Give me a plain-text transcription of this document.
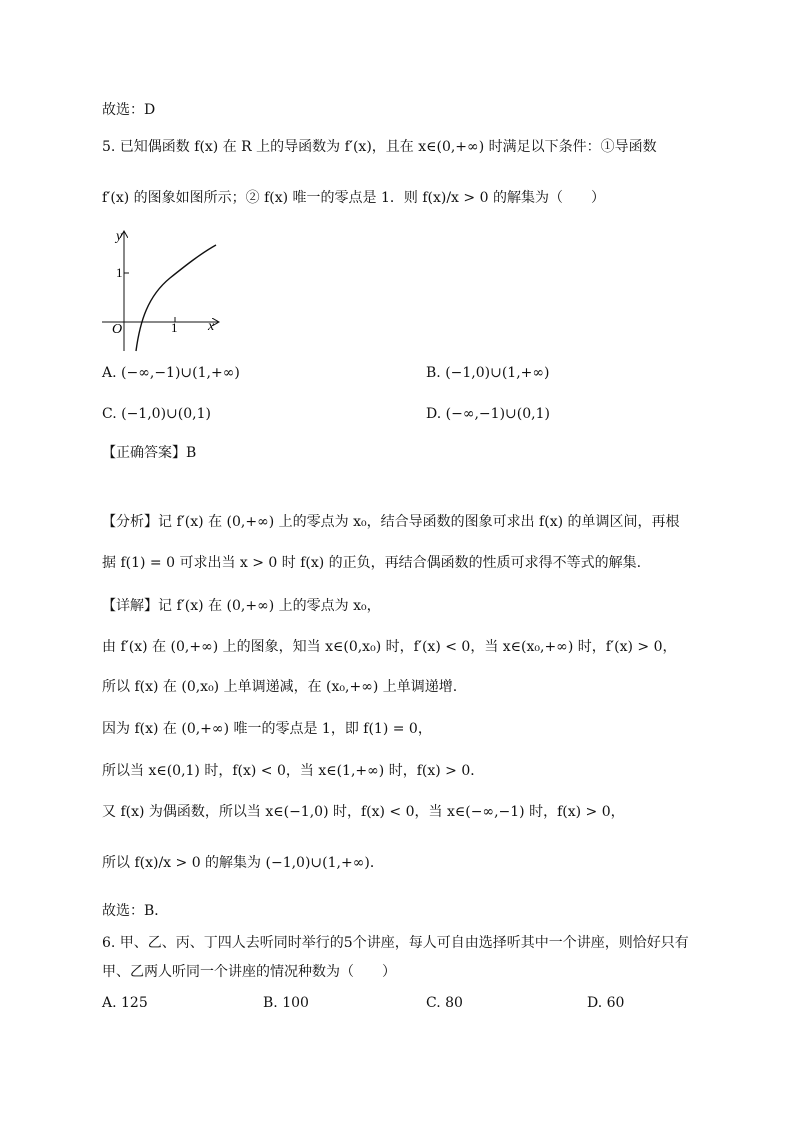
故选：D
5. 已知偶函数 f(x) 在 R 上的导函数为 f′(x)，且在 x∈(0,+∞) 时满足以下条件：①导函数
f′(x) 的图象如图所示；② f(x) 唯一的零点是 1．则 f(x)/x > 0 的解集为（　　）
y
x
O	1
1
A. (−∞,−1)∪(1,+∞)	B. (−1,0)∪(1,+∞)
C. (−1,0)∪(0,1)	D. (−∞,−1)∪(0,1)
【正确答案】B
【分析】记 f′(x) 在 (0,+∞) 上的零点为 x₀，结合导函数的图象可求出 f(x) 的单调区间，再根
据 f(1) = 0 可求出当 x > 0 时 f(x) 的正负，再结合偶函数的性质可求得不等式的解集.
【详解】记 f′(x) 在 (0,+∞) 上的零点为 x₀，
由 f′(x) 在 (0,+∞) 上的图象，知当 x∈(0,x₀) 时，f′(x) < 0，当 x∈(x₀,+∞) 时，f′(x) > 0，
所以 f(x) 在 (0,x₀) 上单调递减，在 (x₀,+∞) 上单调递增.
因为 f(x) 在 (0,+∞) 唯一的零点是 1，即 f(1) = 0，
所以当 x∈(0,1) 时，f(x) < 0，当 x∈(1,+∞) 时，f(x) > 0．
又 f(x) 为偶函数，所以当 x∈(−1,0) 时，f(x) < 0，当 x∈(−∞,−1) 时，f(x) > 0，
所以 f(x)/x > 0 的解集为 (−1,0)∪(1,+∞)．
故选：B．
6. 甲、乙、丙、丁四人去听同时举行的5个讲座，每人可自由选择听其中一个讲座，则恰好只有
甲、乙两人听同一个讲座的情况种数为（　　）
A. 125	B. 100	C. 80	D. 60
